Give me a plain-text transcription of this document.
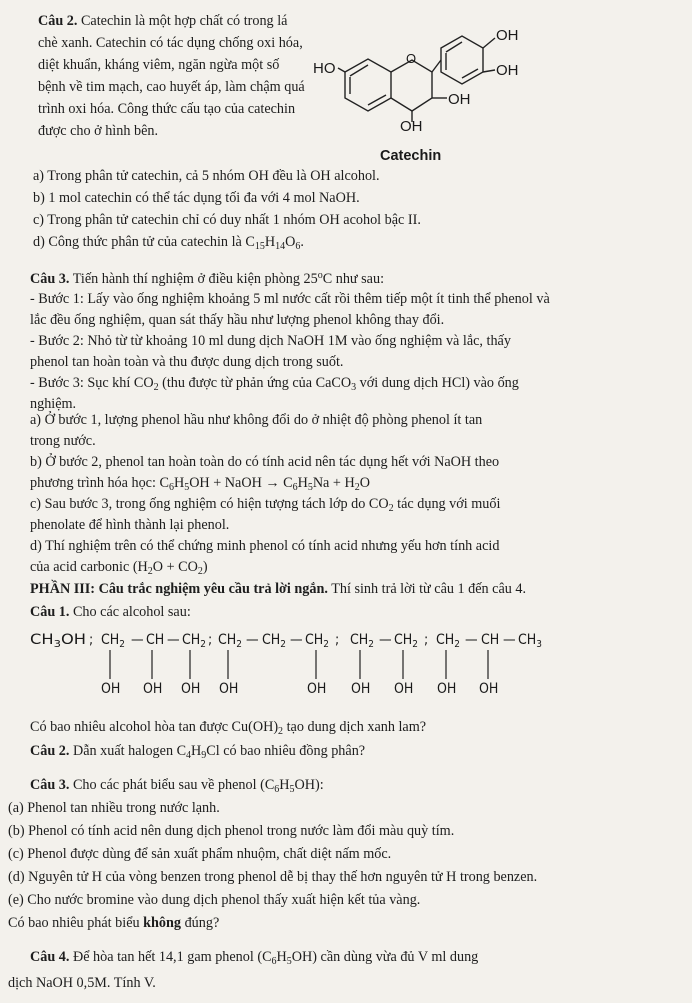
Câu 2. Catechin là một hợp chất có trong lá
chè xanh. Catechin có tác dụng chống oxi hóa,
diệt khuẩn, kháng viêm, ngăn ngừa một số
bệnh về tim mạch, cao huyết áp, làm chậm quá
trình oxi hóa. Công thức cấu tạo của catechin
được cho ở hình bên.
HO
O
OH
OH
OH
OH
Catechin
a) Trong phân tử catechin, cả 5 nhóm OH đều là OH alcohol.
b) 1 mol catechin có thể tác dụng tối đa với 4 mol NaOH.
c) Trong phân tử catechin chỉ có duy nhất 1 nhóm OH acohol bậc II.
d) Công thức phân tử của catechin là $C_{15}H_{14}O_6$.
Câu 3. Tiến hành thí nghiệm ở điều kiện phòng 25$^o$C như sau:
- Bước 1: Lấy vào ống nghiệm khoảng 5 ml nước cất rồi thêm tiếp một ít tinh thể phenol và
lắc đều ống nghiệm, quan sát thấy hầu như lượng phenol không thay đổi.
- Bước 2: Nhỏ từ từ khoảng 10 ml dung dịch NaOH 1M vào ống nghiệm và lắc, thấy
phenol tan hoàn toàn và thu được dung dịch trong suốt.
- Bước 3: Sục khí $CO_2$ (thu được từ phản ứng của CaCO$_3$ với dung dịch HCl) vào ống
nghiệm.
a) Ở bước 1, lượng phenol hầu như không đổi do ở nhiệt độ phòng phenol ít tan
trong nước.
b) Ở bước 2, phenol tan hoàn toàn do có tính acid nên tác dụng hết với NaOH theo
phương trình hóa học: $C_6H_5OH$ + NaOH → $C_6H_5Na + H_2O$
c) Sau bước 3, trong ống nghiệm có hiện tượng tách lớp do $CO_2$ tác dụng với muối
phenolate để hình thành lại phenol.
d) Thí nghiệm trên có thể chứng minh phenol có tính acid nhưng yếu hơn tính acid
của acid carbonic $(H_2O + CO_2)$
PHẦN III: Câu trắc nghiệm yêu cầu trả lời ngắn. Thí sinh trả lời từ câu 1 đến câu 4.
Câu 1. Cho các alcohol sau:
CH $_3$ OH ; $CH_2$ — CH — $CH_2$ ;
OH OH OH
$CH_2$ — $CH_2$ — $CH_2$ ;
OH	OH
$CH_2$ — $CH_2$ ;
OH OH
$CH_2$ — CH — $CH_3$
OH OH
Có bao nhiêu alcohol hòa tan được $Cu(OH)_2$ tạo dung dịch xanh lam?
Câu 2. Dẫn xuất halogen $C_4H_9Cl$ có bao nhiêu đồng phân?
Câu 3. Cho các phát biểu sau về phenol $(C_6H_5OH)$:
(a) Phenol tan nhiều trong nước lạnh.
(b) Phenol có tính acid nên dung dịch phenol trong nước làm đổi màu quỳ tím.
(c) Phenol được dùng để sản xuất phẩm nhuộm, chất diệt nấm mốc.
(d) Nguyên tử H của vòng benzen trong phenol dễ bị thay thế hơn nguyên tử H trong benzen.
(e) Cho nước bromine vào dung dịch phenol thấy xuất hiện kết tủa vàng.
Có bao nhiêu phát biểu không đúng?
Câu 4. Để hòa tan hết 14,1 gam phenol $(C_6H_5OH)$ cần dùng vừa đủ V ml dung
dịch NaOH 0,5M. Tính V.
